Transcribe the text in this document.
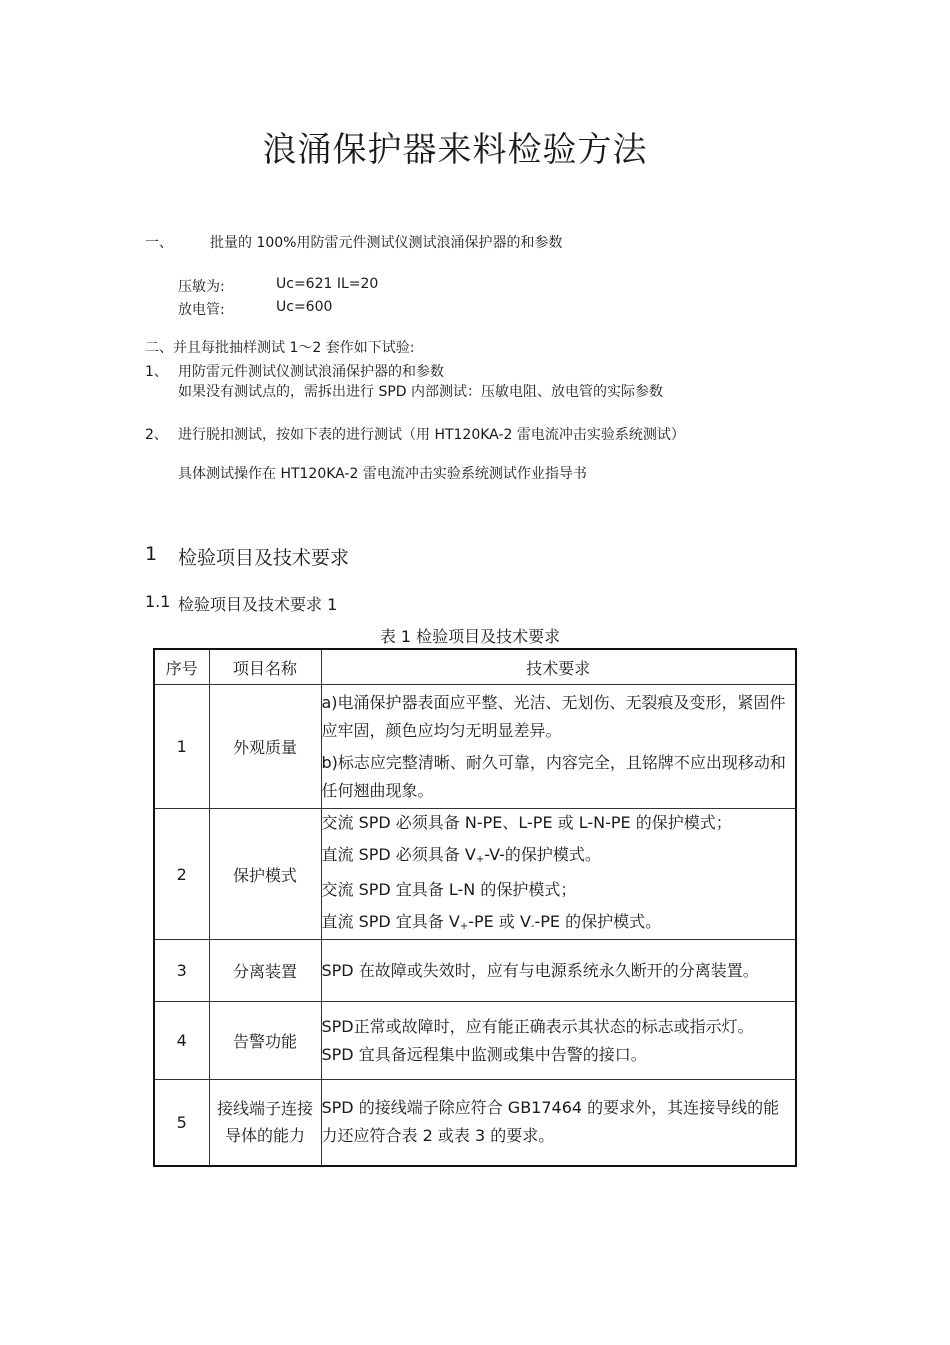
浪涌保护器来料检验方法
一、	批量的 100%用防雷元件测试仪测试浪涌保护器的和参数
压敏为:	Uc=621 IL=20
放电管:	Uc=600
二、并且每批抽样测试 1～2 套作如下试验:
1、 用防雷元件测试仪测试浪涌保护器的和参数
如果没有测试点的，需拆出进行 SPD 内部测试：压敏电阻、放电管的实际参数
2、 进行脱扣测试，按如下表的进行测试（用 HT120KA-2 雷电流冲击实验系统测试）
具体测试操作在 HT120KA-2 雷电流冲击实验系统测试作业指导书
1 检验项目及技术要求
1.1 检验项目及技术要求 1
表 1 检验项目及技术要求
序号	项目名称	技术要求
1	外观质量	a)电涌保护器表面应平整、光洁、无划伤、无裂痕及变形，紧固件应牢固，颜色应均匀无明显差异。

b)标志应完整清晰、耐久可靠，内容完全，且铭牌不应出现移动和任何翘曲现象。

2	保护模式	交流 SPD 必须具备 N-PE、L-PE 或 L-N-PE 的保护模式；

直流 SPD 必须具备 $V_+-V-$的保护模式。

交流 SPD 宜具备 L-N 的保护模式；

直流 SPD 宜具备 $V_+-PE$ 或 $V_--PE$ 的保护模式。

3	分离装置	SPD 在故障或失效时，应有与电源系统永久断开的分离装置。

4	告警功能	SPD正常或故障时，应有能正确表示其状态的标志或指示灯。

SPD 宜具备远程集中监测或集中告警的接口。

5	接线端子连接导体的能力	SPD 的接线端子除应符合 GB17464 的要求外，其连接导线的能力还应符合表 2 或表 3 的要求。
